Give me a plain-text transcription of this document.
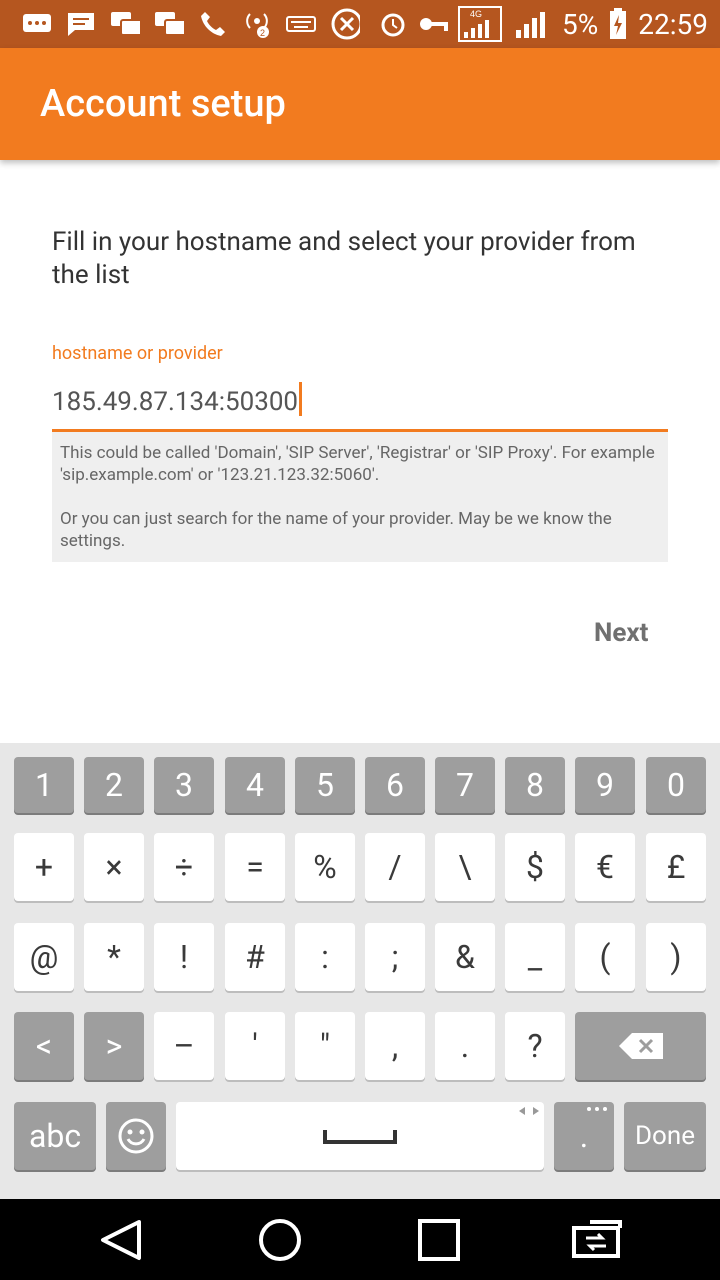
2
4G	5% 22:59
Account setup
Fill in your hostname and select your provider from the list
hostname or provider
185.49.87.134:50300

This could be called 'Domain', 'SIP Server', 'Registrar' or 'SIP Proxy'. For example 'sip.example.com' or '123.21.123.32:5060'.

Or you can just search for the name of your provider. May be we know the settings.

Next
1	2	3	4	5	6	7	8	9	0
+	×	÷	=	%	/	\	$	€	£
@	*	!	#	:	;	&	_	(	)
<	>	–	'	"	,	.	?
abc	.	Done
